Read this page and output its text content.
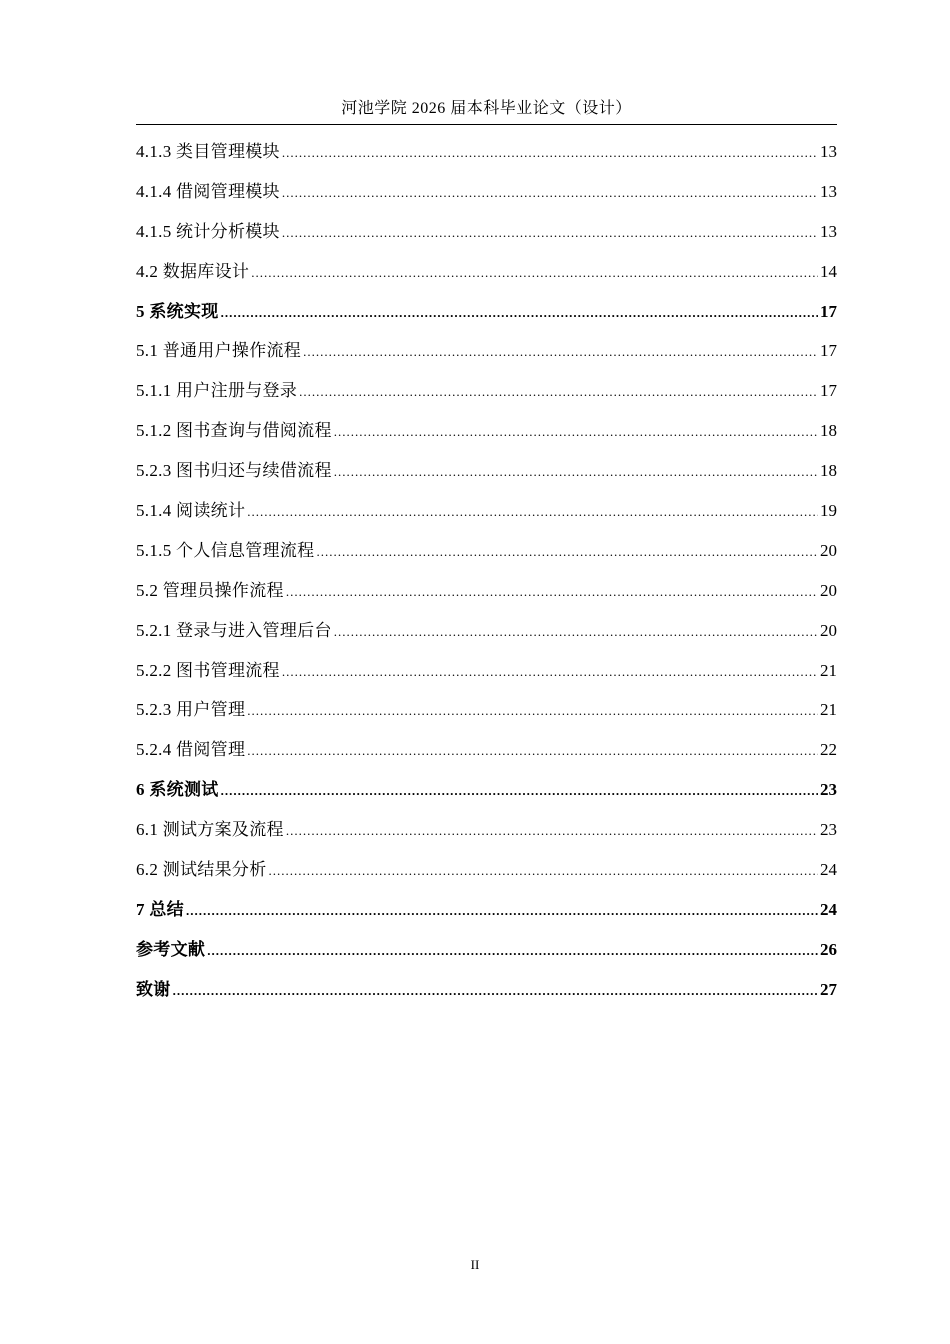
河池学院 2026 届本科毕业论文（设计）
4.1.3 类目管理模块 .....	13
4.1.4 借阅管理模块 .....	13
4.1.5 统计分析模块 .....	13
4.2 数据库设计 .....	14
5 系统实现 .....	17
5.1 普通用户操作流程 .....	17
5.1.1 用户注册与登录 .....	17
5.1.2 图书查询与借阅流程 .....	18
5.2.3 图书归还与续借流程 .....	18
5.1.4 阅读统计 .....	19
5.1.5 个人信息管理流程 .....	20
5.2 管理员操作流程 .....	20
5.2.1 登录与进入管理后台 .....	20
5.2.2 图书管理流程 .....	21
5.2.3 用户管理 .....	21
5.2.4 借阅管理 .....	22
6 系统测试 .....	23
6.1 测试方案及流程 .....	23
6.2 测试结果分析 .....	24
7 总结 .....	24
参考文献 .....	26
致谢 .....	27
II
